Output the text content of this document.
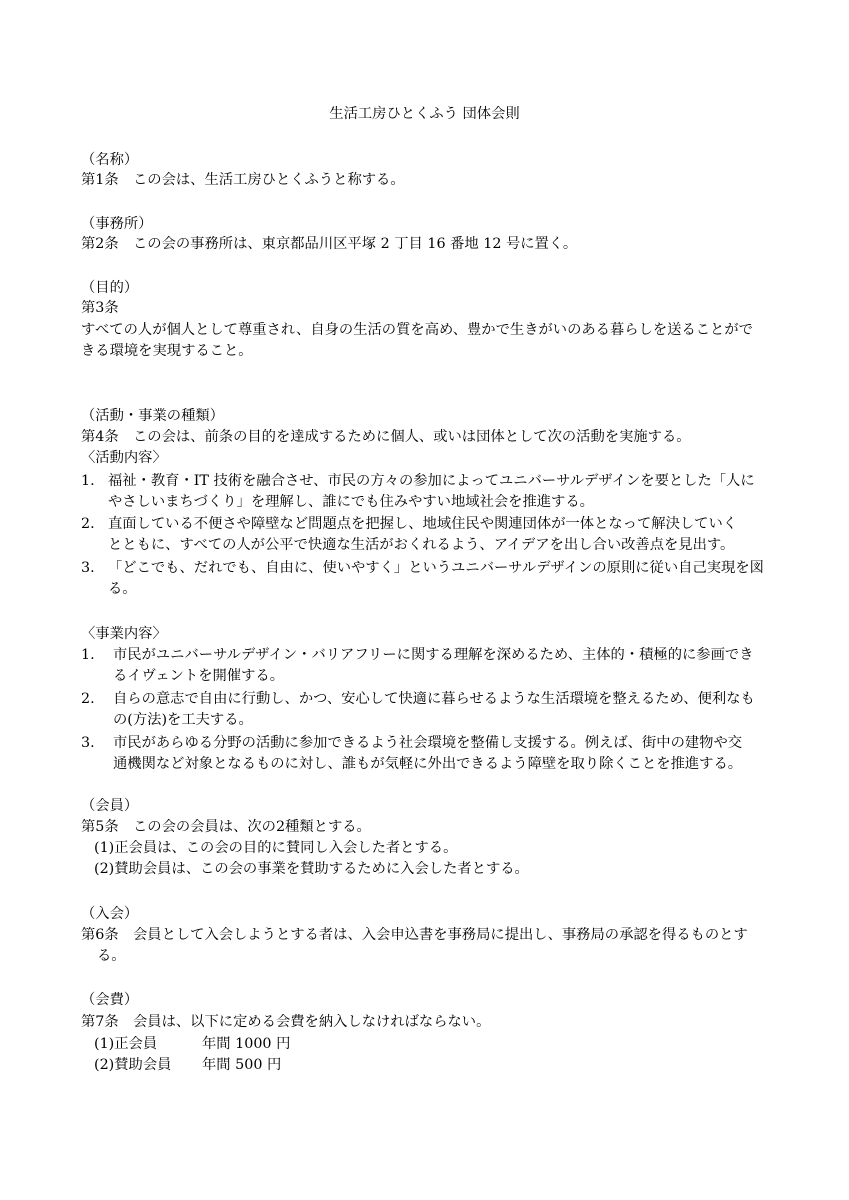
生活工房ひとくふう 団体会則
（名称）
第1条　この会は、生活工房ひとくふうと称する。
（事務所）
第2条　この会の事務所は、東京都品川区平塚 2 丁目 16 番地 12 号に置く。
（目的）
第3条
すべての人が個人として尊重され、自身の生活の質を高め、豊かで生きがいのある暮らしを送ることがで
きる環境を実現すること。
（活動・事業の種類）
第4条　この会は、前条の目的を達成するために個人、或いは団体として次の活動を実施する。
〈活動内容〉
1. 福祉・教育・IT 技術を融合させ、市民の方々の参加によってユニバーサルデザインを要とした「人に
やさしいまちづくり」を理解し、誰にでも住みやすい地域社会を推進する。
2. 直面している不便さや障壁など問題点を把握し、地域住民や関連団体が一体となって解決していく
とともに、すべての人が公平で快適な生活がおくれるよう、アイデアを出し合い改善点を見出す。
3. 「どこでも、だれでも、自由に、使いやすく」というユニバーサルデザインの原則に従い自己実現を図
る。
〈事業内容〉
1. 市民がユニバーサルデザイン・バリアフリーに関する理解を深めるため、主体的・積極的に参画でき
るイヴェントを開催する。
2. 自らの意志で自由に行動し、かつ、安心して快適に暮らせるような生活環境を整えるため、便利なも
の(方法)を工夫する。
3. 市民があらゆる分野の活動に参加できるよう社会環境を整備し支援する。例えば、街中の建物や交
通機関など対象となるものに対し、誰もが気軽に外出できるよう障壁を取り除くことを推進する。
（会員）
第5条　この会の会員は、次の2種類とする。
(1)正会員は、この会の目的に賛同し入会した者とする。
(2)賛助会員は、この会の事業を賛助するために入会した者とする。
（入会）
第6条　会員として入会しようとする者は、入会申込書を事務局に提出し、事務局の承認を得るものとす
る。
（会費）
第7条　会員は、以下に定める会費を納入しなければならない。
(1)正会員	年間 1000 円
(2)賛助会員	年間 500 円
